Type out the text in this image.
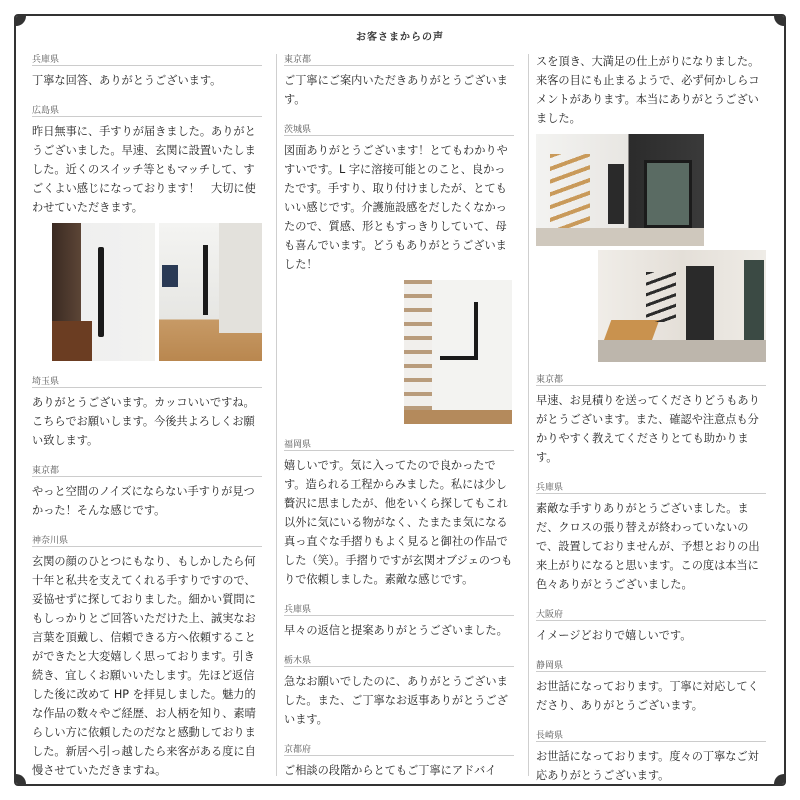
お客さまからの声
兵庫県
丁寧な回答、ありがとうございます。
広島県
昨日無事に、手すりが届きました。ありがとうございました。早速、玄関に設置いたしました。近くのスイッチ等ともマッチして、すごくよい感じになっております！　大切に使わせていただきます。
埼玉県
ありがとうございます。カッコいいですね。こちらでお願いします。今後共よろしくお願い致します。
東京都
やっと空間のノイズにならない手すりが見つかった！そんな感じです。
神奈川県
玄関の顔のひとつにもなり、もしかしたら何十年と私共を支えてくれる手すりですので、妥協せずに探しておりました。細かい質問にもしっかりとご回答いただけた上、誠実なお言葉を頂戴し、信頼できる方へ依頼することができたと大変嬉しく思っております。引き続き、宜しくお願いいたします。先ほど返信した後に改めて HP を拝見しました。魅力的な作品の数々やご経歴、お人柄を知り、素晴らしい方に依頼したのだなと感動しておりました。新居へ引っ越したら来客がある度に自慢させていただきますね。
東京都
ご丁寧にご案内いただきありがとうございます。
茨城県
図面ありがとうございます！とてもわかりやすいです。L 字に溶接可能とのこと、良かったです。手すり、取り付けましたが、とてもいい感じです。介護施設感をだしたくなかったので、質感、形ともすっきりしていて、母も喜んでいます。どうもありがとうございました！
福岡県
嬉しいです。気に入ってたので良かったです。造られる工程からみました。私には少し贅沢に思ましたが、他をいくら探してもこれ以外に気にいる物がなく、たまたま気になる真っ直ぐな手摺りもよく見ると御社の作品でした（笑）。手摺りですが玄関オブジェのつもりで依頼しました。素敵な感じです。
兵庫県
早々の返信と提案ありがとうございました。
栃木県
急なお願いでしたのに、ありがとうございました。また、ご丁寧なお返事ありがとうございます。
京都府
ご相談の段階からとてもご丁寧にアドバイ
スを頂き、大満足の仕上がりになりました。来客の目にも止まるようで、必ず何かしらコメントがあります。本当にありがとうございました。
東京都
早速、お見積りを送ってくださりどうもありがとうございます。また、確認や注意点も分かりやすく教えてくださりとても助かります。
兵庫県
素敵な手すりありがとうございました。まだ、クロスの張り替えが終わっていないので、設置しておりませんが、予想とおりの出来上がりになると思います。この度は本当に色々ありがとうございました。
大阪府
イメージどおりで嬉しいです。
静岡県
お世話になっております。丁寧に対応してくださり、ありがとうございます。
長崎県
お世話になっております。度々の丁寧なご対応ありがとうございます。
